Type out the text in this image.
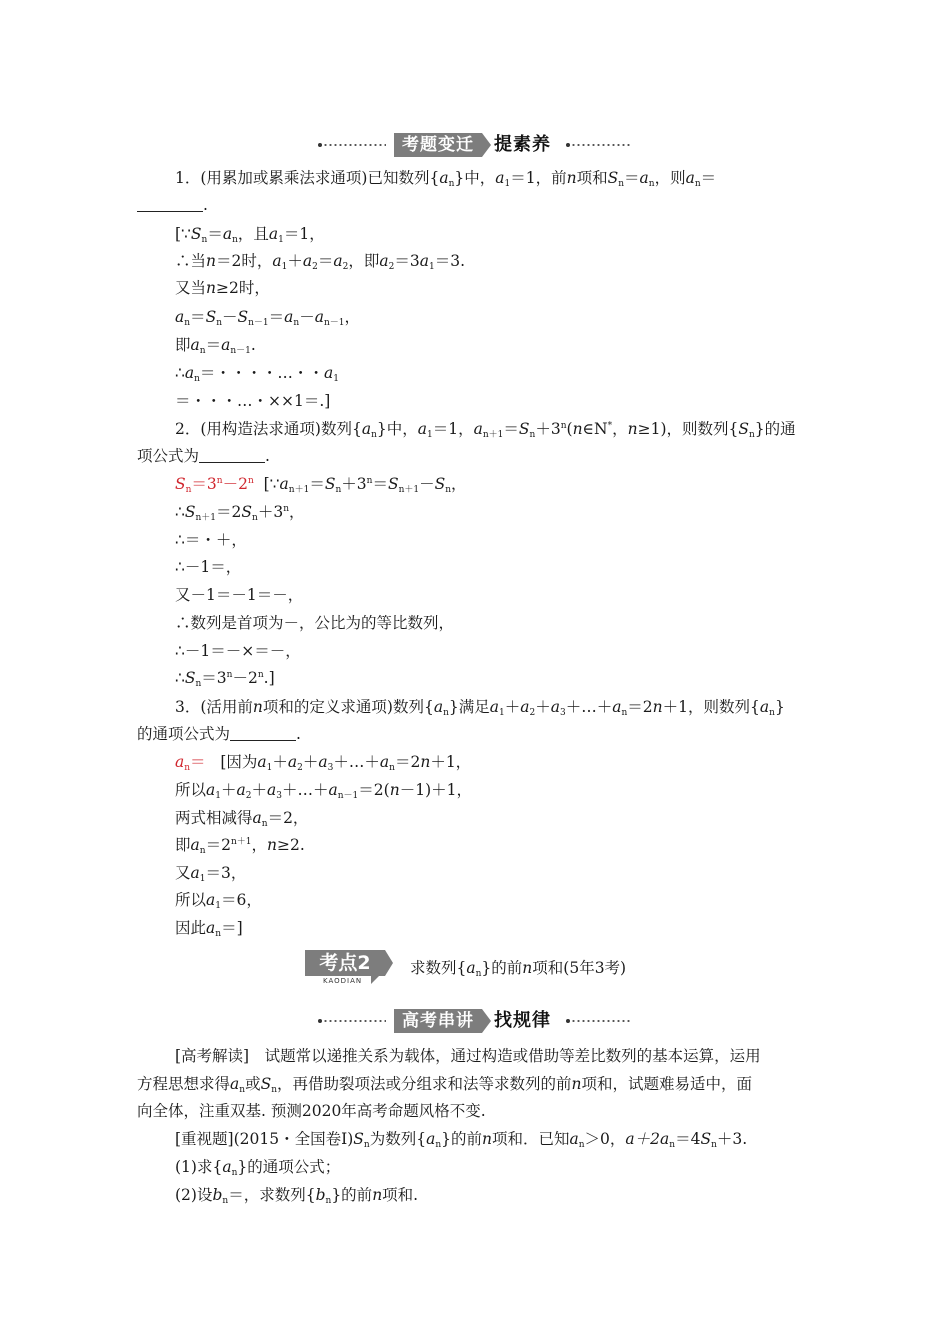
考题变迁	提素养
1．(用累加或累乘法求通项)已知数列$\{a_n\}$中，$a_1=1$，前n项和$S_n=a_n$，则$a_n=$
.
[$\because S_n=a_n$，且$a_1=1$，
∴当n＝2时，$a_1+a_2=a_2$，即$a_2=3a_1=3$.
又当n≥2时，
$a_n=S_n-S_{n-1}=a_n-a_{n-1}$，
即$a_n=a_{n-1}$.
$\therefore a_n=$・・・・…・・$a_1$
＝・・・…・××1＝.]
2．(用构造法求通项)数列$\{a_n\}$中，$a_1=1$，$a_{n+1}=S_n+3^n(n\in N^*$，n≥1)，则数列$\{S_n\}$的通
项公式为	.
$S_n=3^n-2^n$ [$\because a_{n+1}=S_n+3^n=S_{n+1}-S_n$，
$\therefore S_{n+1}=2S_n+3^n$，
∴＝・＋，
∴－1＝，
又－1＝－1＝－，
∴数列是首项为－，公比为的等比数列，
∴－1＝－×＝－，
$\therefore S_n=3^n-2^n$.]
3．(活用前n项和的定义求通项)数列$\{a_n\}$满足$a_1+a_2+a_3+\dots+a_n=2n+1$，则数列$\{a_n\}$
的通项公式为	.
$a_n=$ [因为$a_1+a_2+a_3+\dots+a_n=2n+1$，
所以$a_1+a_2+a_3+\dots+a_{n-1}=2(n-1)+1$，
两式相减得$a_n=2$，
即$a_n=2^{n+1}$，n≥2.
又$a_1=3$，
所以$a_1=6$，
因此$a_n=$]
考点2
KAODIAN
求数列$\{a_n\}$的前n项和(5年3考)
高考串讲	找规律
[高考解读]　试题常以递推关系为载体，通过构造或借助等差比数列的基本运算，运用
方程思想求得$a_n$或$S_n$，再借助裂项法或分组求和法等求数列的前n项和，试题难易适中，面
向全体，注重双基. 预测2020年高考命题风格不变.
[重视题](2015・全国卷$Ⅰ)S_n$为数列$\{a_n\}$的前n项和．已知$a_n>0$，$a+2a_n=4S_n+3$.
(1)求$\{a_n\}$的通项公式；
(2)设$b_n=$，求数列$\{b_n\}$的前n项和.
